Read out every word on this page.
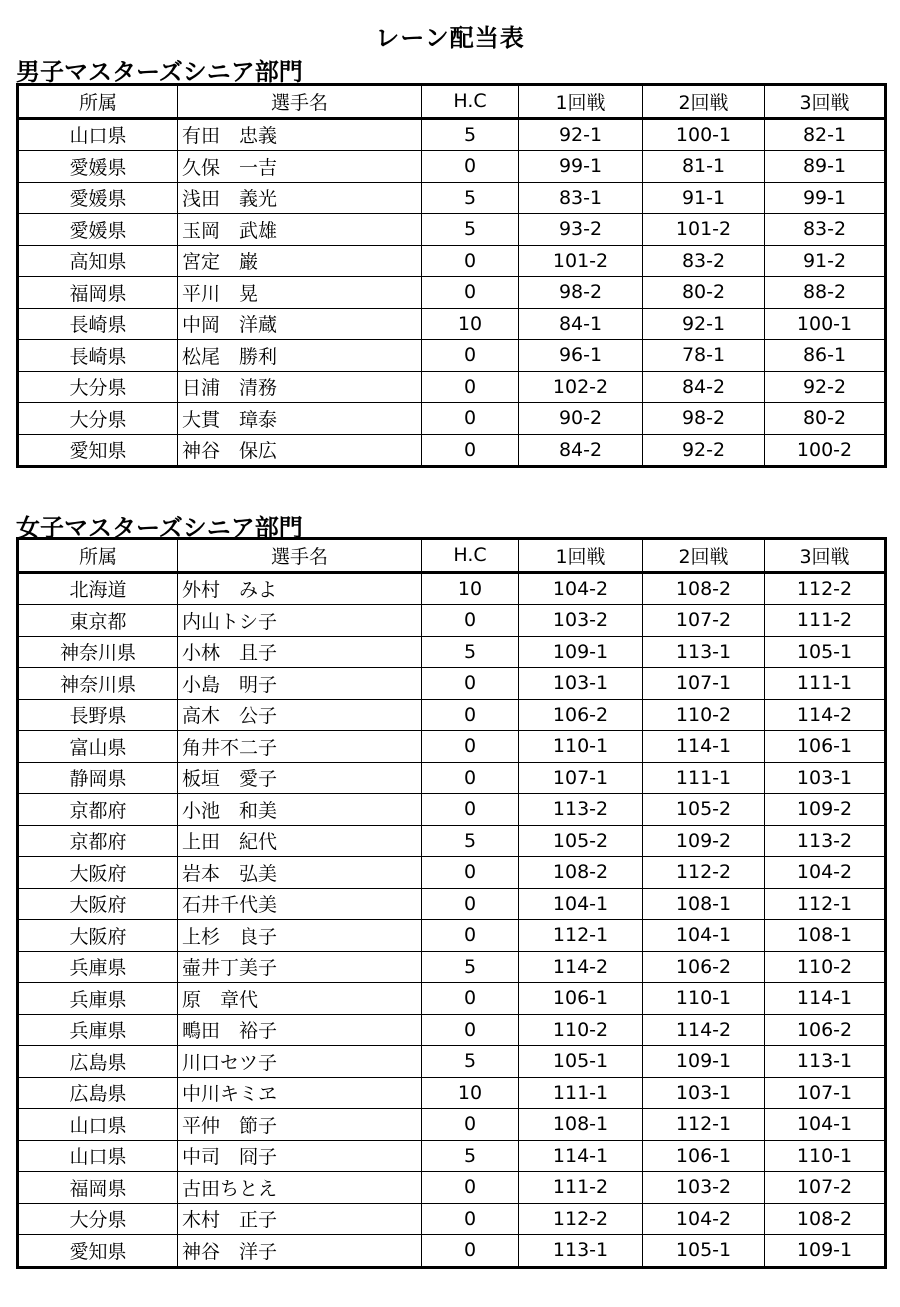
レーン配当表
男子マスターズシニア部門
所属	選手名	H.C	1回戦	2回戦	3回戦
山口県	有田　忠義	5	92-1	100-1	82-1
愛媛県	久保　一吉	0	99-1	81-1	89-1
愛媛県	浅田　義光	5	83-1	91-1	99-1
愛媛県	玉岡　武雄	5	93-2	101-2	83-2
高知県	宮定　巌	0	101-2	83-2	91-2
福岡県	平川　晃	0	98-2	80-2	88-2
長崎県	中岡　洋蔵	10	84-1	92-1	100-1
長崎県	松尾　勝利	0	96-1	78-1	86-1
大分県	日浦　清務	0	102-2	84-2	92-2
大分県	大貫　璋泰	0	90-2	98-2	80-2
愛知県	神谷　保広	0	84-2	92-2	100-2
女子マスターズシニア部門
所属	選手名	H.C	1回戦	2回戦	3回戦
北海道	外村　みよ	10	104-2	108-2	112-2
東京都	内山トシ子	0	103-2	107-2	111-2
神奈川県	小林　且子	5	109-1	113-1	105-1
神奈川県	小島　明子	0	103-1	107-1	111-1
長野県	高木　公子	0	106-2	110-2	114-2
富山県	角井不二子	0	110-1	114-1	106-1
静岡県	板垣　愛子	0	107-1	111-1	103-1
京都府	小池　和美	0	113-2	105-2	109-2
京都府	上田　紀代	5	105-2	109-2	113-2
大阪府	岩本　弘美	0	108-2	112-2	104-2
大阪府	石井千代美	0	104-1	108-1	112-1
大阪府	上杉　良子	0	112-1	104-1	108-1
兵庫県	壷井丁美子	5	114-2	106-2	110-2
兵庫県	原　章代	0	106-1	110-1	114-1
兵庫県	鴫田　裕子	0	110-2	114-2	106-2
広島県	川口セツ子	5	105-1	109-1	113-1
広島県	中川キミヱ	10	111-1	103-1	107-1
山口県	平仲　節子	0	108-1	112-1	104-1
山口県	中司　冏子	5	114-1	106-1	110-1
福岡県	古田ちとえ	0	111-2	103-2	107-2
大分県	木村　正子	0	112-2	104-2	108-2
愛知県	神谷　洋子	0	113-1	105-1	109-1
